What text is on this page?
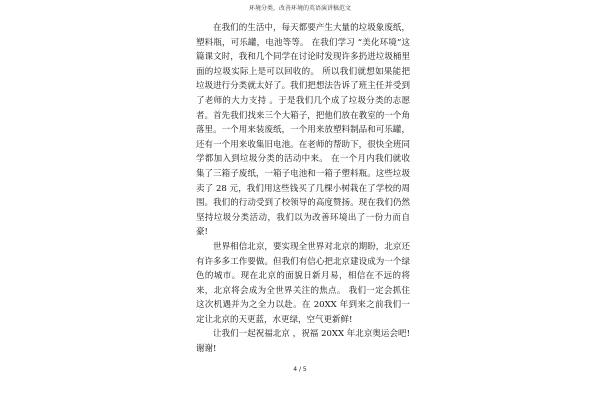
环境分类，改善环境的英语演讲稿范文

在我们的生活中，每天都要产生大量的垃圾象废纸，塑料瓶，可乐罐，电池等等。 在我们学习 “美化环境”这篇课文时，我和几个同学在讨论时发现许多扔进垃圾桶里面的垃圾实际上是可以回收的。 所以我们就想如果能把垃圾进行分类就太好了。我们把想法告诉了班主任并受到了老师的大力支持 。于是我们几个成了垃圾分类的志愿者。首先我们找来三个大箱子，把他们放在教室的一个角落里。一个用来装废纸，一个用来放塑料制品和可乐罐，还有一个用来收集旧电池。在老师的帮助下，很快全班同学都加入到垃圾分类的活动中来。 在一个月内我们就收集了三箱子废纸，一箱子电池和一箱子塑料瓶。这些垃圾卖了 28 元，我们用这些钱买了几棵小树栽在了学校的周围。我们的行动受到了校领导的高度赞扬。现在我们仍然坚持垃圾分类活动，我们以为改善环境出了一份力而自豪!

世界相信北京，要实现全世界对北京的期盼，北京还有许多多工作要做。但我们有信心把北京建设成为一个绿色的城市。现在北京的面貌日新月易，相信在不远的将来，北京将会成为全世界关注的焦点。 我们一定会抓住这次机遇并为之全力以赴。在 20XX 年到来之前我们一定让北京的天更蓝，水更绿，空气更新鲜!

让我们一起祝福北京 ，祝福 20XX 年北京奥运会吧!谢谢!

4 / 5
